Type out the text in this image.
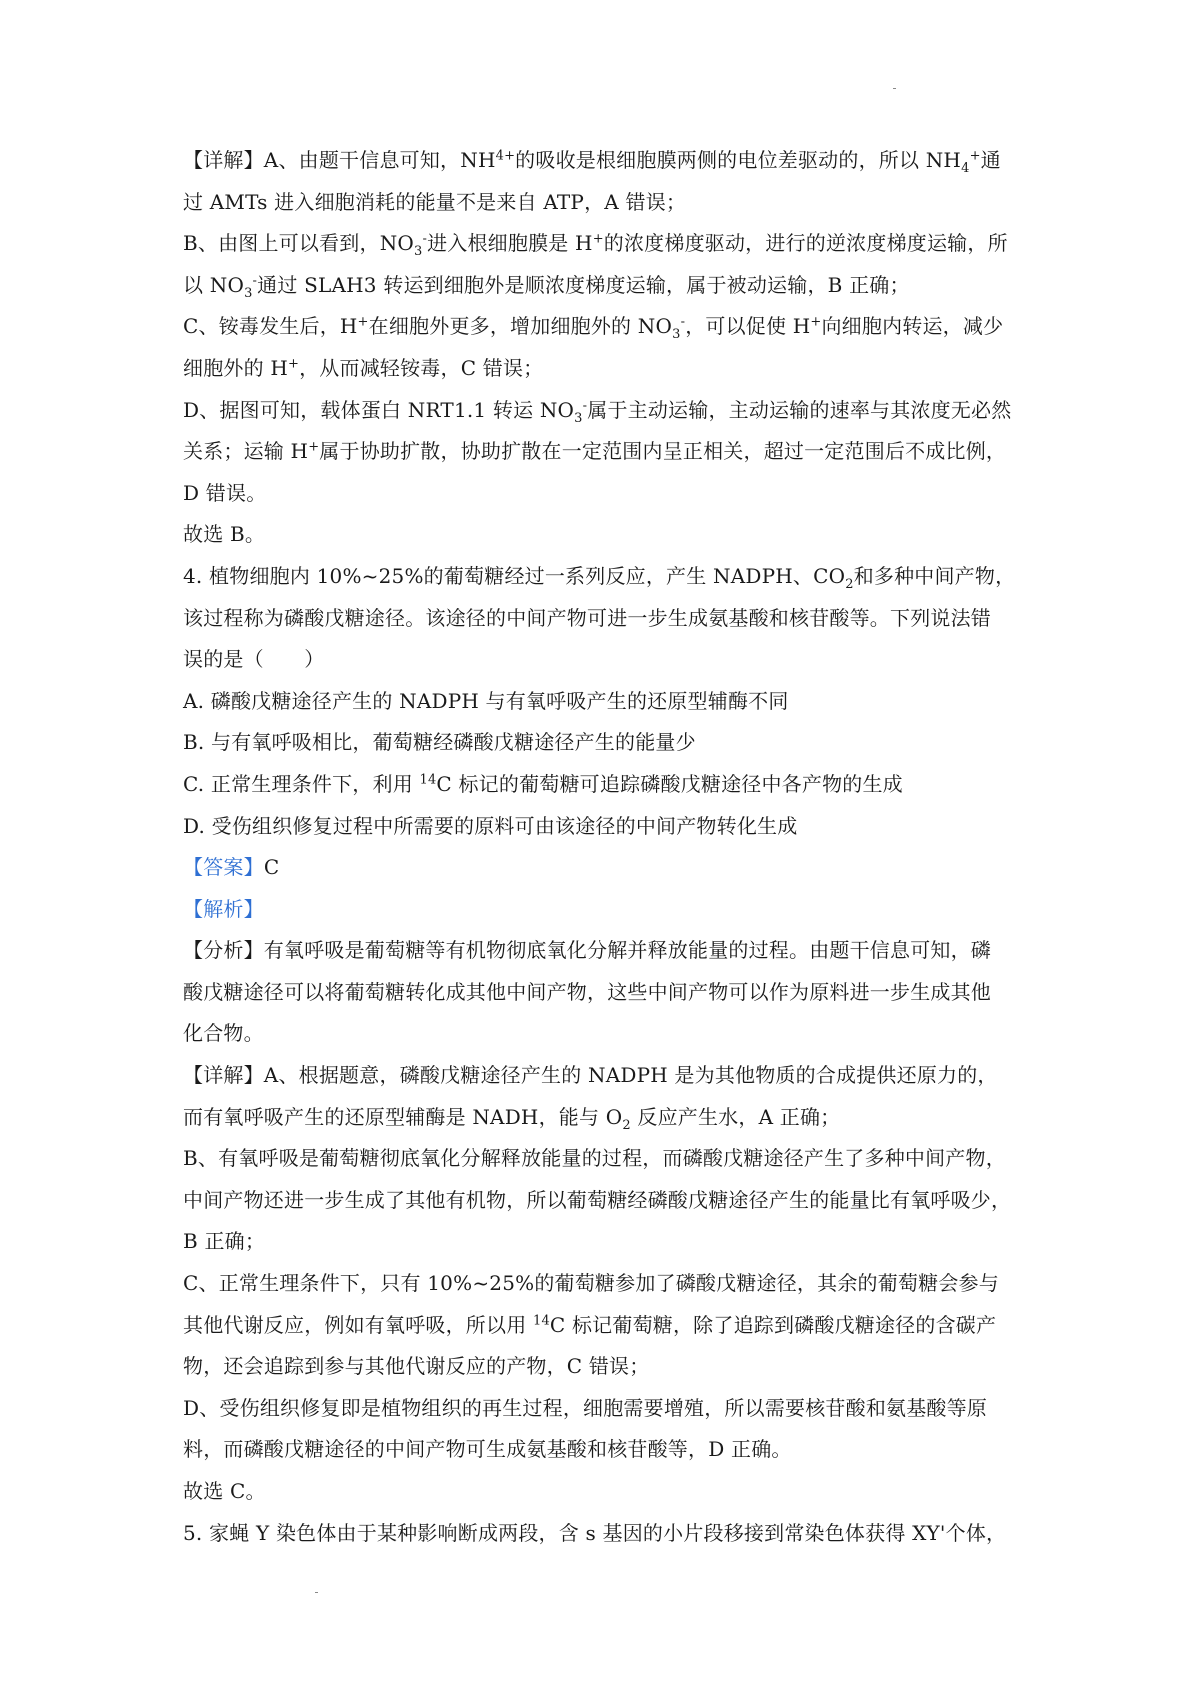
【详解】A、由题干信息可知，$NH^{4+}$的吸收是根细胞膜两侧的电位差驱动的，所以 $NH_4^+$通
过 AMTs 进入细胞消耗的能量不是来自 ATP，A 错误；
B、由图上可以看到，$NO_3^-$进入根细胞膜是 H+的浓度梯度驱动，进行的逆浓度梯度运输，所
以 $NO_3^-$通过 SLAH3 转运到细胞外是顺浓度梯度运输，属于被动运输，B 正确；
C、铵毒发生后，H+在细胞外更多，增加细胞外的 $NO_3^-$，可以促使 H+向细胞内转运，减少
细胞外的 H+，从而减轻铵毒，C 错误；
D、据图可知，载体蛋白 NRT1.1 转运 $NO_3^-$属于主动运输，主动运输的速率与其浓度无必然
关系；运输 H+属于协助扩散，协助扩散在一定范围内呈正相关，超过一定范围后不成比例，
D 错误。
故选 B。
4. 植物细胞内 10%~25%的葡萄糖经过一系列反应，产生 NADPH、$CO_2$和多种中间产物，
该过程称为磷酸戊糖途径。该途径的中间产物可进一步生成氨基酸和核苷酸等。下列说法错
误的是（　　）
A. 磷酸戊糖途径产生的 NADPH 与有氧呼吸产生的还原型辅酶不同
B. 与有氧呼吸相比，葡萄糖经磷酸戊糖途径产生的能量少
C. 正常生理条件下，利用 $^{14}$C 标记的葡萄糖可追踪磷酸戊糖途径中各产物的生成
D. 受伤组织修复过程中所需要的原料可由该途径的中间产物转化生成
【答案】C
【解析】
【分析】有氧呼吸是葡萄糖等有机物彻底氧化分解并释放能量的过程。由题干信息可知，磷
酸戊糖途径可以将葡萄糖转化成其他中间产物，这些中间产物可以作为原料进一步生成其他
化合物。
【详解】A、根据题意，磷酸戊糖途径产生的 NADPH 是为其他物质的合成提供还原力的，
而有氧呼吸产生的还原型辅酶是 NADH，能与 $O_2$ 反应产生水，A 正确；
B、有氧呼吸是葡萄糖彻底氧化分解释放能量的过程，而磷酸戊糖途径产生了多种中间产物，
中间产物还进一步生成了其他有机物，所以葡萄糖经磷酸戊糖途径产生的能量比有氧呼吸少，
B 正确；
C、正常生理条件下，只有 10%~25%的葡萄糖参加了磷酸戊糖途径，其余的葡萄糖会参与
其他代谢反应，例如有氧呼吸，所以用 $^{14}$C 标记葡萄糖，除了追踪到磷酸戊糖途径的含碳产
物，还会追踪到参与其他代谢反应的产物，C 错误；
D、受伤组织修复即是植物组织的再生过程，细胞需要增殖，所以需要核苷酸和氨基酸等原
料，而磷酸戊糖途径的中间产物可生成氨基酸和核苷酸等，D 正确。
故选 C。
5. 家蝇 Y 染色体由于某种影响断成两段，含 s 基因的小片段移接到常染色体获得 XY'个体，
